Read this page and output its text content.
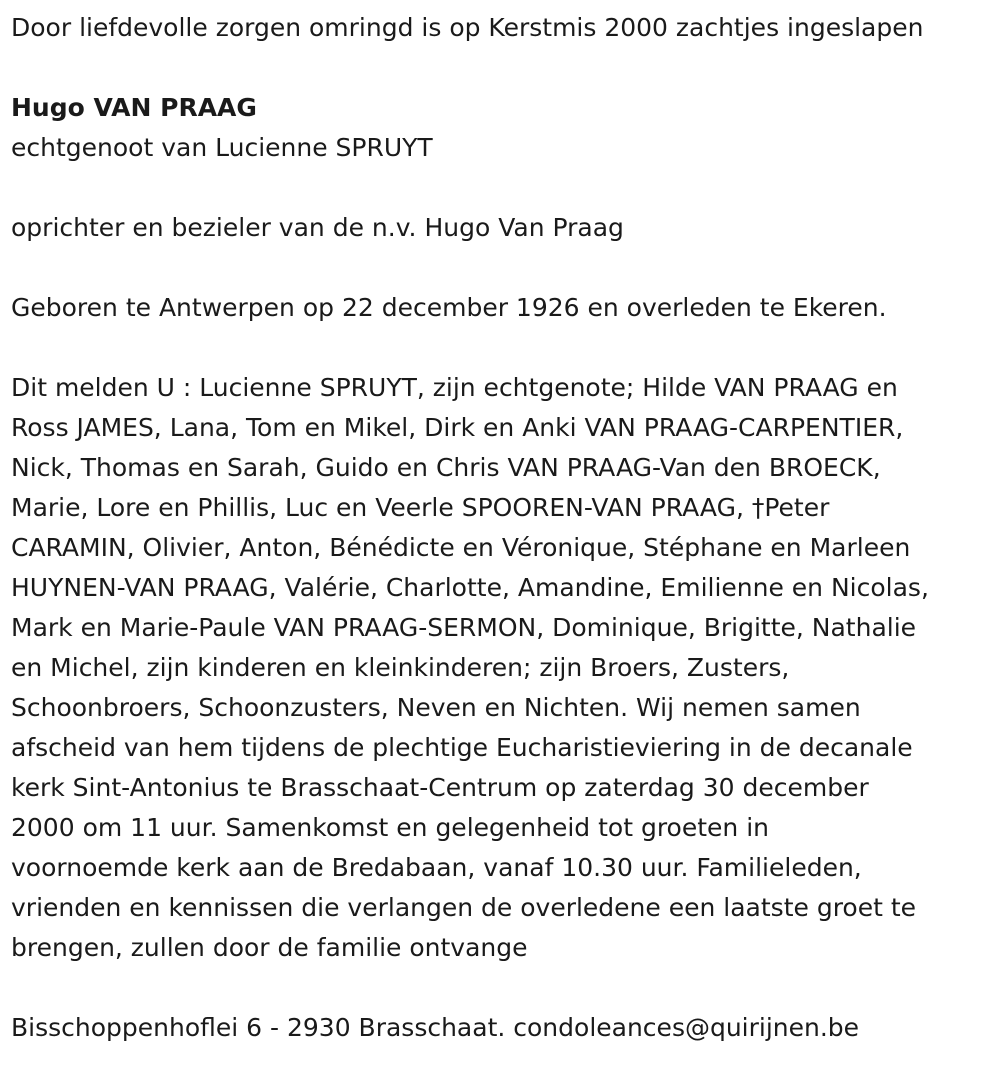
Door liefdevolle zorgen omringd is op Kerstmis 2000 zachtjes ingeslapen

Hugo VAN PRAAG

echtgenoot van Lucienne SPRUYT

oprichter en bezieler van de n.v. Hugo Van Praag

Geboren te Antwerpen op 22 december 1926 en overleden te Ekeren.

Dit melden U : Lucienne SPRUYT, zijn echtgenote; Hilde VAN PRAAG en

Ross JAMES, Lana, Tom en Mikel, Dirk en Anki VAN PRAAG-CARPENTIER,

Nick, Thomas en Sarah, Guido en Chris VAN PRAAG-Van den BROECK,

Marie, Lore en Phillis, Luc en Veerle SPOOREN-VAN PRAAG, †Peter

CARAMIN, Olivier, Anton, Bénédicte en Véronique, Stéphane en Marleen

HUYNEN-VAN PRAAG, Valérie, Charlotte, Amandine, Emilienne en Nicolas,

Mark en Marie-Paule VAN PRAAG-SERMON, Dominique, Brigitte, Nathalie

en Michel, zijn kinderen en kleinkinderen; zijn Broers, Zusters,

Schoonbroers, Schoonzusters, Neven en Nichten. Wij nemen samen

afscheid van hem tijdens de plechtige Eucharistieviering in de decanale

kerk Sint-Antonius te Brasschaat-Centrum op zaterdag 30 december

2000 om 11 uur. Samenkomst en gelegenheid tot groeten in

voornoemde kerk aan de Bredabaan, vanaf 10.30 uur. Familieleden,

vrienden en kennissen die verlangen de overledene een laatste groet te

brengen, zullen door de familie ontvange

Bisschoppenhoflei 6 - 2930 Brasschaat. condoleances@quirijnen.be
